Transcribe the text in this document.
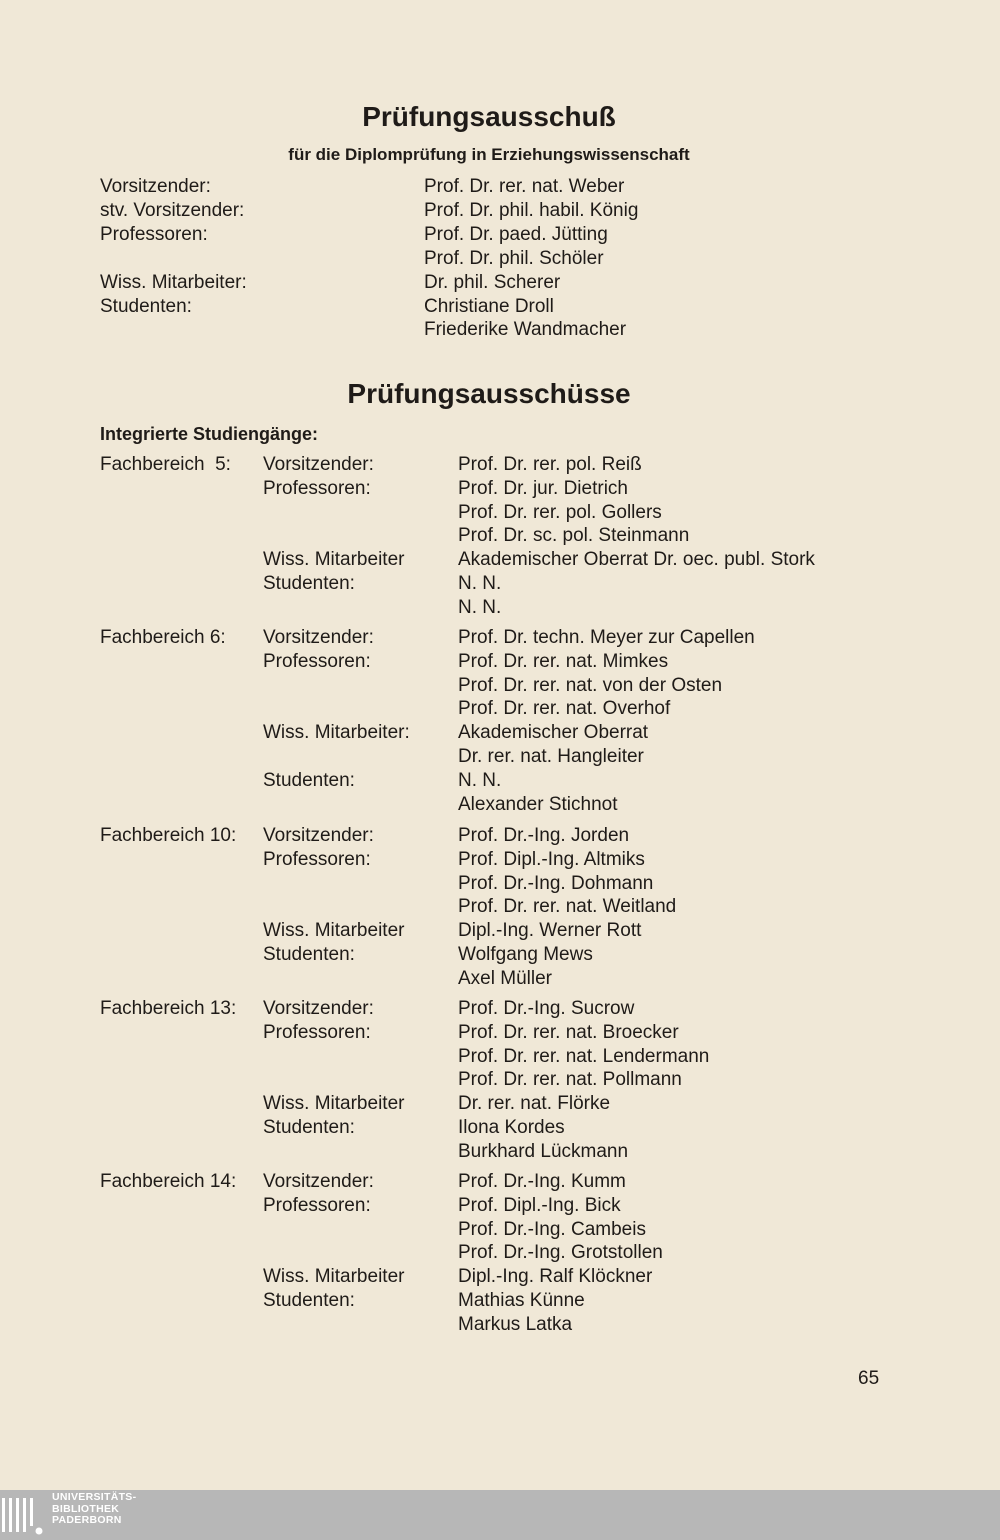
Prüfungsausschuß
für die Diplomprüfung in Erziehungswissenschaft
Vorsitzender:	Prof. Dr. rer. nat. Weber
stv. Vorsitzender:	Prof. Dr. phil. habil. König
Professoren:	Prof. Dr. paed. Jütting
Prof. Dr. phil. Schöler
Wiss. Mitarbeiter:	Dr. phil. Scherer
Studenten:	Christiane Droll
Friederike Wandmacher
Prüfungsausschüsse
Integrierte Studiengänge:
Fachbereich  5: Vorsitzender:	Prof. Dr. rer. pol. Reiß
Professoren:	Prof. Dr. jur. Dietrich
Prof. Dr. rer. pol. Gollers
Prof. Dr. sc. pol. Steinmann
Wiss. Mitarbeiter	Akademischer Oberrat Dr. oec. publ. Stork
Studenten:	N. N.
N. N.
Fachbereich 6: Vorsitzender:	Prof. Dr. techn. Meyer zur Capellen
Professoren:	Prof. Dr. rer. nat. Mimkes
Prof. Dr. rer. nat. von der Osten
Prof. Dr. rer. nat. Overhof
Wiss. Mitarbeiter:	Akademischer Oberrat
Dr. rer. nat. Hangleiter
Studenten:	N. N.
Alexander Stichnot
Fachbereich 10: Vorsitzender:	Prof. Dr.-Ing. Jorden
Professoren:	Prof. Dipl.-Ing. Altmiks
Prof. Dr.-Ing. Dohmann
Prof. Dr. rer. nat. Weitland
Wiss. Mitarbeiter	Dipl.-Ing. Werner Rott
Studenten:	Wolfgang Mews
Axel Müller
Fachbereich 13: Vorsitzender:	Prof. Dr.-Ing. Sucrow
Professoren:	Prof. Dr. rer. nat. Broecker
Prof. Dr. rer. nat. Lendermann
Prof. Dr. rer. nat. Pollmann
Wiss. Mitarbeiter	Dr. rer. nat. Flörke
Studenten:	Ilona Kordes
Burkhard Lückmann
Fachbereich 14: Vorsitzender:	Prof. Dr.-Ing. Kumm
Professoren:	Prof. Dipl.-Ing. Bick
Prof. Dr.-Ing. Cambeis
Prof. Dr.-Ing. Grotstollen
Wiss. Mitarbeiter	Dipl.-Ing. Ralf Klöckner
Studenten:	Mathias Künne
Markus Latka
65
UNIVERSITÄTS-
BIBLIOTHEK
PADERBORN
